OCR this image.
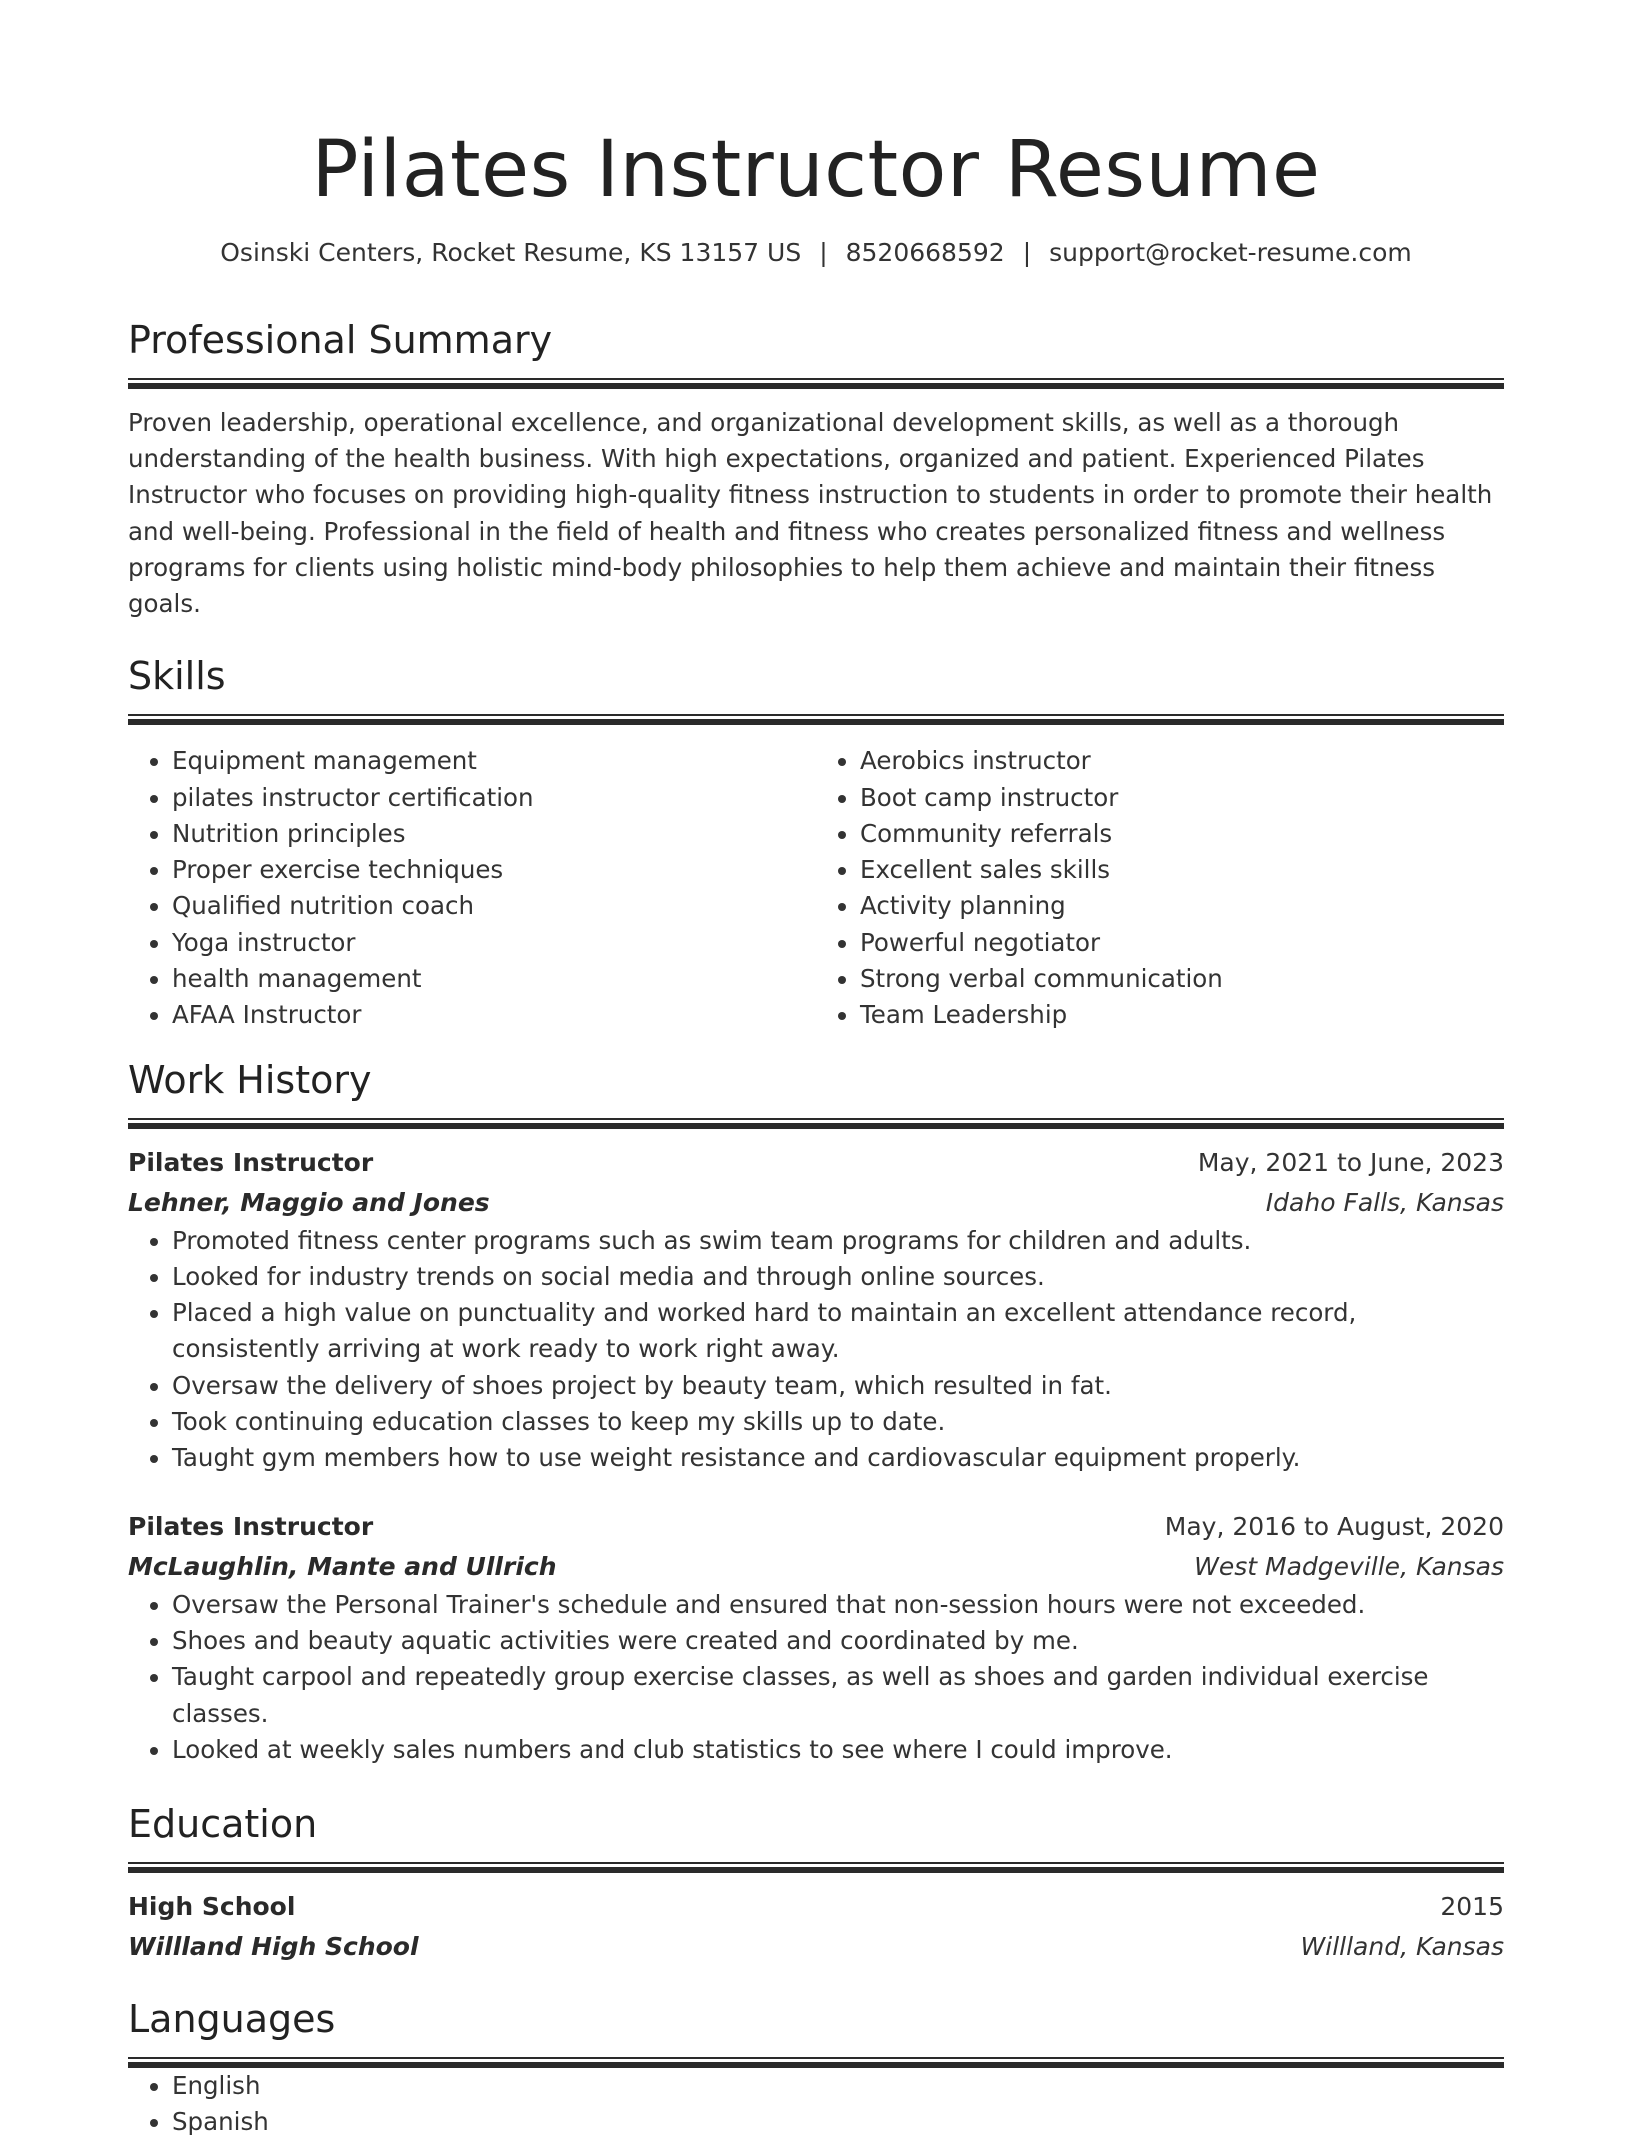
Pilates Instructor Resume
Osinski Centers, Rocket Resume, KS 13157 US | 8520668592 | support@rocket-resume.com
Professional Summary

Proven leadership, operational excellence, and organizational development skills, as well as a thorough understanding of the health business. With high expectations, organized and patient. Experienced Pilates Instructor who focuses on providing high-quality fitness instruction to students in order to promote their health and well-being. Professional in the field of health and fitness who creates personalized fitness and wellness programs for clients using holistic mind-body philosophies to help them achieve and maintain their fitness goals.

Skills
• Equipment management
• pilates instructor certification
• Nutrition principles
• Proper exercise techniques
• Qualified nutrition coach
• Yoga instructor
• health management
• AFAA Instructor
• Aerobics instructor
• Boot camp instructor
• Community referrals
• Excellent sales skills
• Activity planning
• Powerful negotiator
• Strong verbal communication
• Team Leadership
Work History
Pilates Instructor	May, 2021 to June, 2023
Lehner, Maggio and Jones	Idaho Falls, Kansas
• Promoted fitness center programs such as swim team programs for children and adults.
• Looked for industry trends on social media and through online sources.
• Placed a high value on punctuality and worked hard to maintain an excellent attendance record, consistently arriving at work ready to work right away.
• Oversaw the delivery of shoes project by beauty team, which resulted in fat.
• Took continuing education classes to keep my skills up to date.
• Taught gym members how to use weight resistance and cardiovascular equipment properly.
Pilates Instructor	May, 2016 to August, 2020
McLaughlin, Mante and Ullrich	West Madgeville, Kansas
• Oversaw the Personal Trainer's schedule and ensured that non-session hours were not exceeded.
• Shoes and beauty aquatic activities were created and coordinated by me.
• Taught carpool and repeatedly group exercise classes, as well as shoes and garden individual exercise classes.
• Looked at weekly sales numbers and club statistics to see where I could improve.
Education
High School	2015
Willland High School	Willland, Kansas
Languages
• English
• Spanish
